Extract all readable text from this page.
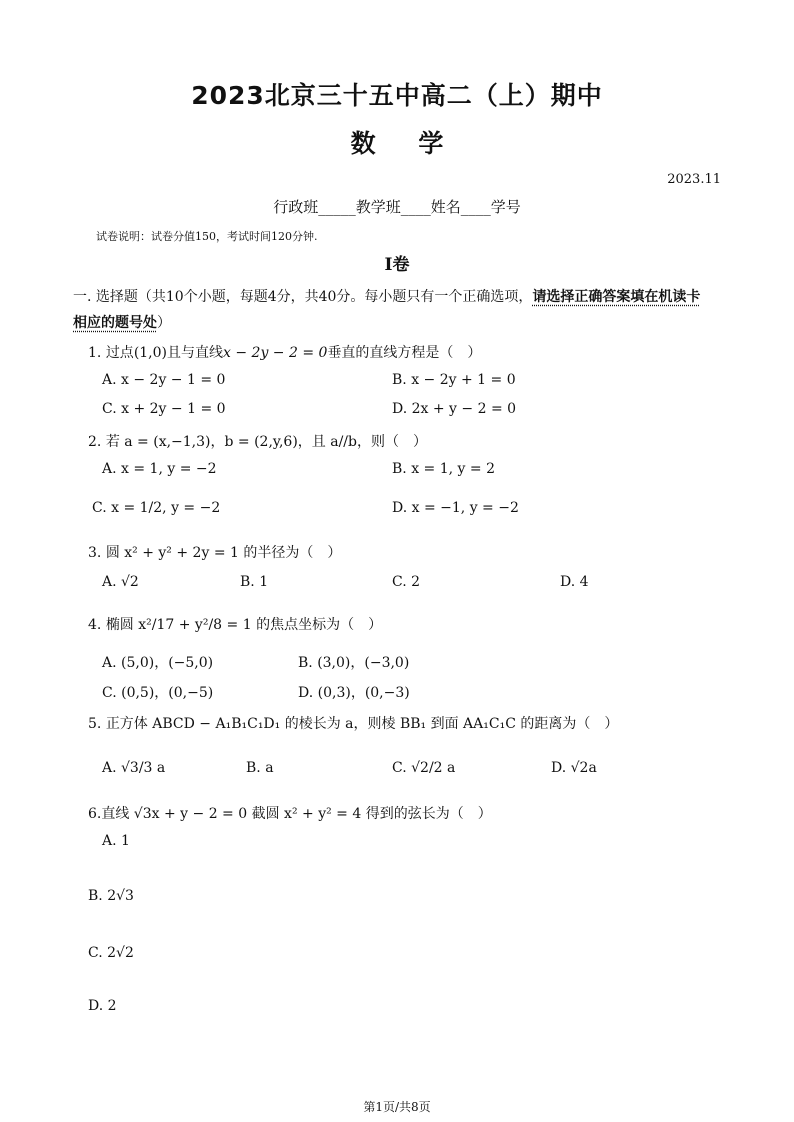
2023北京三十五中高二（上）期中
数 学
2023.11
行政班_____教学班____姓名____学号
试卷说明：试卷分值150，考试时间120分钟.
I卷
一. 选择题（共10个小题，每题4分，共40分。每小题只有一个正确选项，请选择正确答案填在机读卡
相应的题号处）
1. 过点(1,0)且与直线x − 2y − 2 = 0垂直的直线方程是（　）
A. x − 2y − 1 = 0	B. x − 2y + 1 = 0
C. x + 2y − 1 = 0	D. 2x + y − 2 = 0
2. 若 a = (x,−1,3)，b = (2,y,6)，且 a//b，则（　）
A. x = 1, y = −2	B. x = 1, y = 2
C. x = 1/2, y = −2	D. x = −1, y = −2
3. 圆 x² + y² + 2y = 1 的半径为（　）
A. √2	B. 1	C. 2	D. 4
4. 椭圆 x²/17 + y²/8 = 1 的焦点坐标为（　）
A. (5,0)，(−5,0)	B. (3,0)，(−3,0)
C. (0,5)，(0,−5)	D. (0,3)，(0,−3)
5. 正方体 ABCD − A₁B₁C₁D₁ 的棱长为 a，则棱 BB₁ 到面 AA₁C₁C 的距离为（　）
A. √3/3 a	B. a	C. √2/2 a	D. √2a
6.直线 √3x + y − 2 = 0 截圆 x² + y² = 4 得到的弦长为（　）
A. 1
B. 2√3
C. 2√2
D. 2
第1页/共8页
